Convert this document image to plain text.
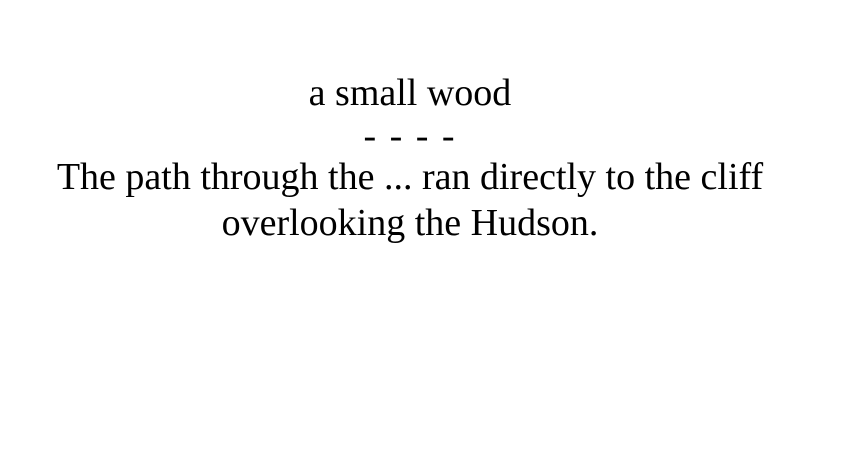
a small wood
- - - -
The path through the ... ran directly to the cliff
overlooking the Hudson.
